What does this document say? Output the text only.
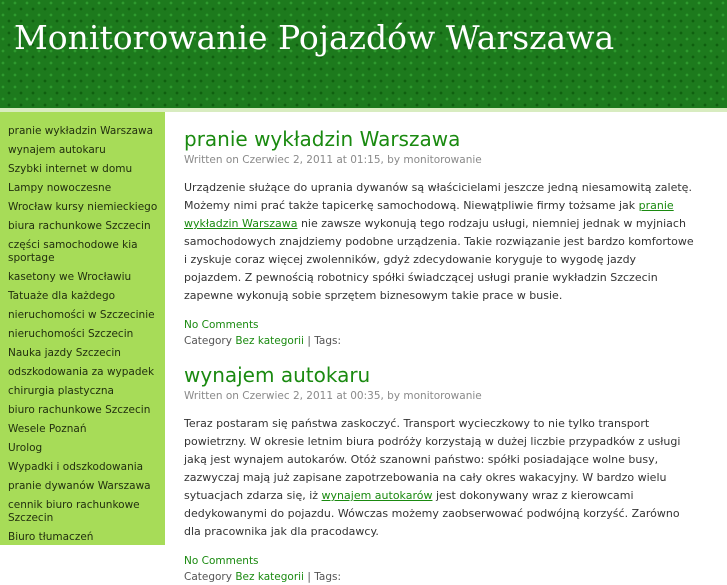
Monitorowanie Pojazdów Warszawa
pranie wykładzin Warszawa
wynajem autokaru
Szybki internet w domu
Lampy nowoczesne
Wrocław kursy niemieckiego
biura rachunkowe Szczecin
części samochodowe kia sportage
kasetony we Wrocławiu
Tatuaże dla każdego
nieruchomości w Szczecinie
nieruchomości Szczecin
Nauka jazdy Szczecin
odszkodowania za wypadek
chirurgia plastyczna
biuro rachunkowe Szczecin
Wesele Poznań
Urolog
Wypadki i odszkodowania
pranie dywanów Warszawa
cennik biuro rachunkowe Szczecin
Biuro tłumaczeń
pranie wykładzin Warszawa
Written on Czerwiec 2, 2011 at 01:15, by monitorowanie
Urządzenie służące do uprania dywanów są właścicielami jeszcze jedną niesamowitą zaletę. Możemy nimi prać także tapicerkę samochodową. Niewątpliwie firmy tożsame jak pranie wykładzin Warszawa nie zawsze wykonują tego rodzaju usługi, niemniej jednak w myjniach samochodowych znajdziemy podobne urządzenia. Takie rozwiązanie jest bardzo komfortowe i zyskuje coraz więcej zwolenników, gdyż zdecydowanie koryguje to wygodę jazdy pojazdem. Z pewnością robotnicy spółki świadczącej usługi pranie wykładzin Szczecin zapewne wykonują sobie sprzętem biznesowym takie prace w busie.
No Comments
Category Bez kategorii | Tags:
wynajem autokaru
Written on Czerwiec 2, 2011 at 00:35, by monitorowanie
Teraz postaram się państwa zaskoczyć. Transport wycieczkowy to nie tylko transport powietrzny. W okresie letnim biura podróży korzystają w dużej liczbie przypadków z usługi jaką jest wynajem autokarów. Otóż szanowni państwo: spółki posiadające wolne busy, zazwyczaj mają już zapisane zapotrzebowania na cały okres wakacyjny. W bardzo wielu sytuacjach zdarza się, iż wynajem autokarów jest dokonywany wraz z kierowcami dedykowanymi do pojazdu. Wówczas możemy zaobserwować podwójną korzyść. Zarówno dla pracownika jak dla pracodawcy.
No Comments
Category Bez kategorii | Tags:
